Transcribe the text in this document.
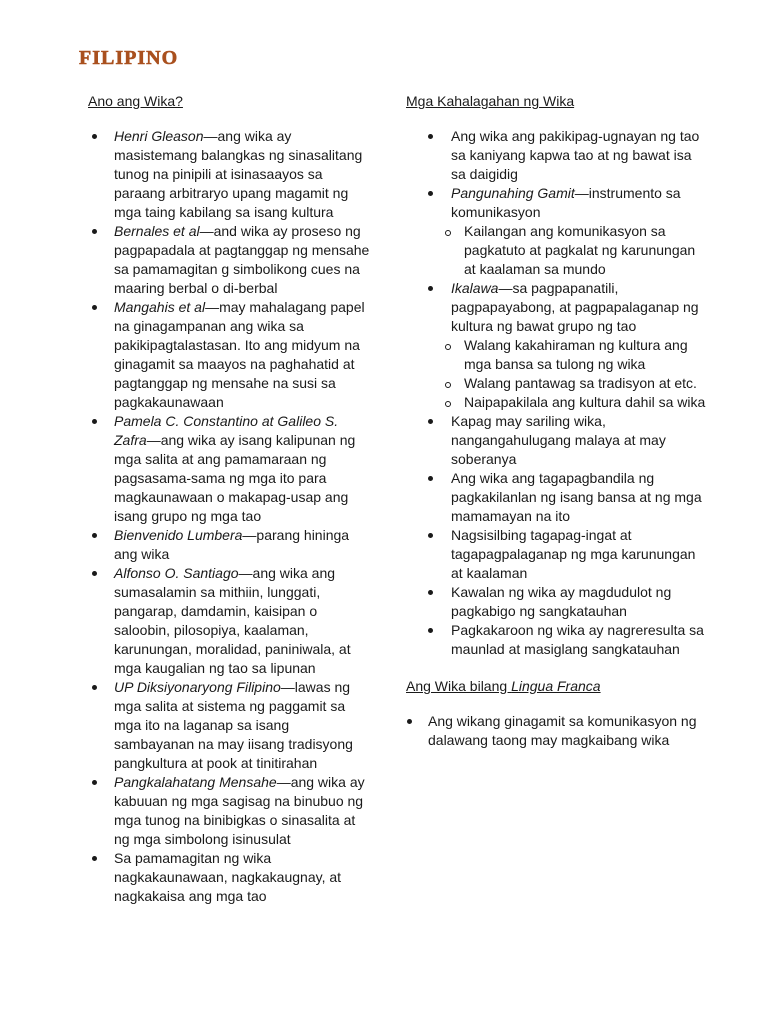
FILIPINO
Ano ang Wika?
Henri Gleason—ang wika ay masistemang balangkas ng sinasalitang tunog na pinipili at isinasaayos sa paraang arbitraryo upang magamit ng mga taing kabilang sa isang kultura
Bernales et al—and wika ay proseso ng pagpapadala at pagtanggap ng mensahe sa pamamagitan g simbolikong cues na maaring berbal o di-berbal
Mangahis et al—may mahalagang papel na ginagampanan ang wika sa pakikipagtalastasan. Ito ang midyum na ginagamit sa maayos na paghahatid at pagtanggap ng mensahe na susi sa pagkakaunawaan
Pamela C. Constantino at Galileo S. Zafra—ang wika ay isang kalipunan ng mga salita at ang pamamaraan ng pagsasama-sama ng mga ito para magkaunawaan o makapag-usap ang isang grupo ng mga tao
Bienvenido Lumbera—parang hininga ang wika
Alfonso O. Santiago—ang wika ang sumasalamin sa mithiin, lunggati, pangarap, damdamin, kaisipan o saloobin, pilosopiya, kaalaman, karunungan, moralidad, paniniwala, at mga kaugalian ng tao sa lipunan
UP Diksiyonaryong Filipino—lawas ng mga salita at sistema ng paggamit sa mga ito na laganap sa isang sambayanan na may iisang tradisyong pangkultura at pook at tinitirahan
Pangkalahatang Mensahe—ang wika ay kabuuan ng mga sagisag na binubuo ng mga tunog na binibigkas o sinasalita at ng mga simbolong isinusulat
Sa pamamagitan ng wika nagkakaunawaan, nagkakaugnay, at nagkakaisa ang mga tao
Mga Kahalagahan ng Wika
Ang wika ang pakikipag-ugnayan ng tao sa kaniyang kapwa tao at ng bawat isa sa daigidig
Pangunahing Gamit—instrumento sa komunikasyon
Kailangan ang komunikasyon sa pagkatuto at pagkalat ng karunungan at kaalaman sa mundo
Ikalawa—sa pagpapanatili, pagpapayabong, at pagpapalaganap ng kultura ng bawat grupo ng tao
Walang kakahiraman ng kultura ang mga bansa sa tulong ng wika
Walang pantawag sa tradisyon at etc.
Naipapakilala ang kultura dahil sa wika
Kapag may sariling wika, nangangahulugang malaya at may soberanya
Ang wika ang tagapagbandila ng pagkakilanlan ng isang bansa at ng mga mamamayan na ito
Nagsisilbing tagapag-ingat at tagapagpalaganap ng mga karunungan at kaalaman
Kawalan ng wika ay magdudulot ng pagkabigo ng sangkatauhan
Pagkakaroon ng wika ay nagreresulta sa maunlad at masiglang sangkatauhan
Ang Wika bilang Lingua Franca
Ang wikang ginagamit sa komunikasyon ng dalawang taong may magkaibang wika
